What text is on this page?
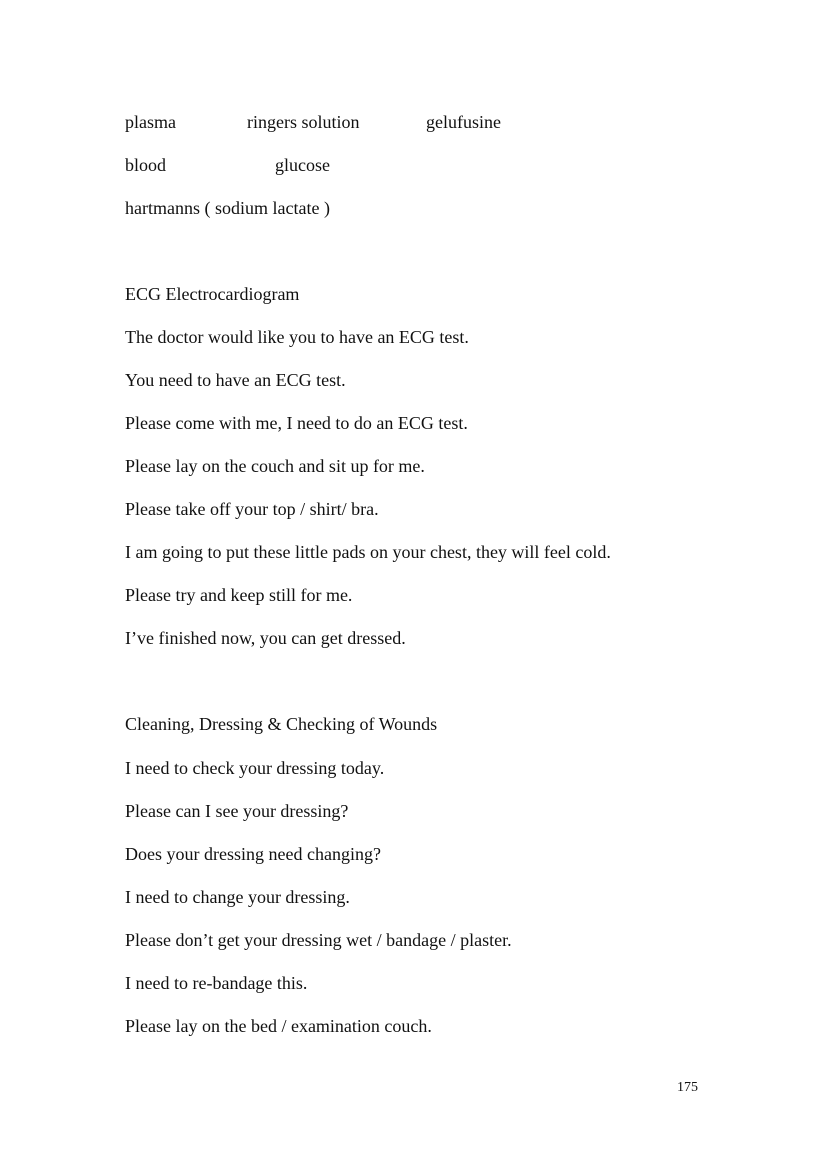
plasma	ringers solution	gelufusine
blood	glucose
hartmanns ( sodium lactate )
ECG Electrocardiogram
The doctor would like you to have an ECG test.
You need to have an ECG test.
Please come with me, I need to do an ECG test.
Please lay on the couch and sit up for me.
Please take off your top / shirt/ bra.
I am going to put these little pads on your chest, they will feel cold.
Please try and keep still for me.
I’ve finished now, you can get dressed.
Cleaning, Dressing & Checking of Wounds
I need to check your dressing today.
Please can I see your dressing?
Does your dressing need changing?
I need to change your dressing.
Please don’t get your dressing wet / bandage / plaster.
I need to re-bandage this.
Please lay on the bed / examination couch.
175
